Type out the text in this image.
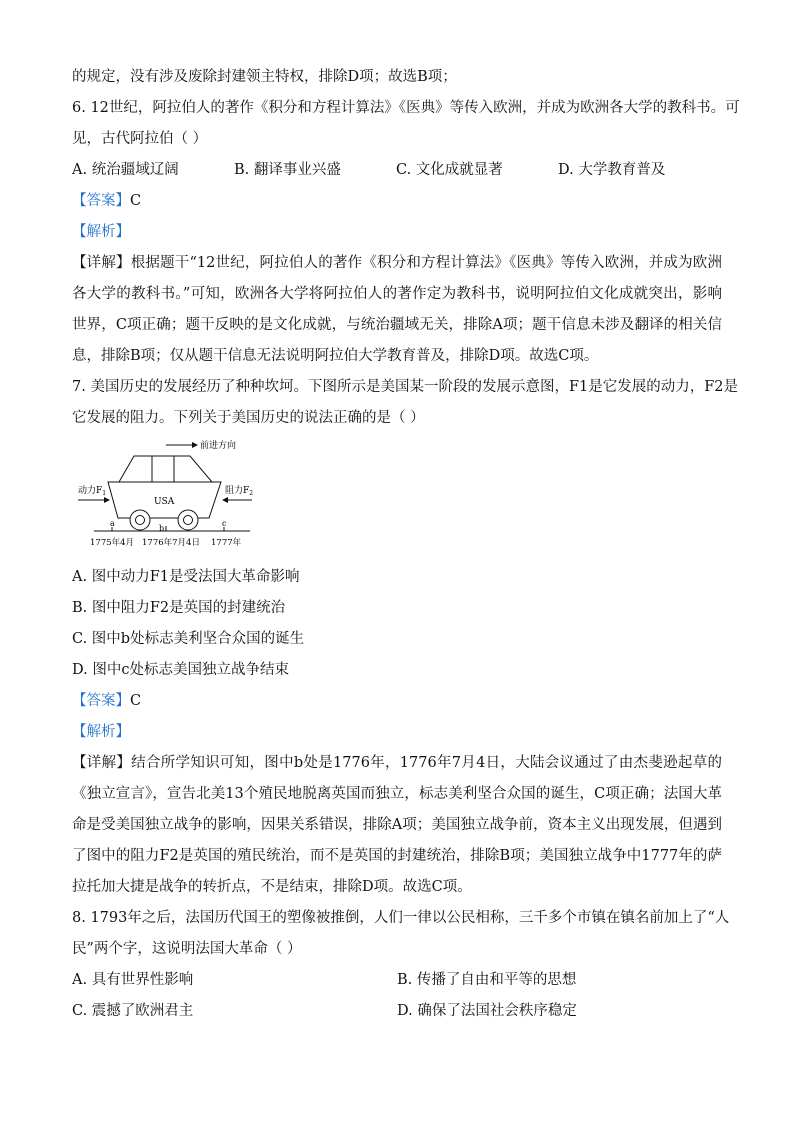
的规定，没有涉及废除封建领主特权，排除D项；故选B项；
6. 12世纪，阿拉伯人的著作《积分和方程计算法》《医典》等传入欧洲，并成为欧洲各大学的教科书。可
见，古代阿拉伯（ ）
A. 统治疆域辽阔	B. 翻译事业兴盛	C. 文化成就显著	D. 大学教育普及
【答案】C
【解析】
【详解】根据题干“12世纪，阿拉伯人的著作《积分和方程计算法》《医典》等传入欧洲，并成为欧洲各大学的教科书。”可知，欧洲各大学将阿拉伯人的著作定为教科书，说明阿拉伯文化成就突出，影响世界，C项正确；题干反映的是文化成就，与统治疆域无关，排除A项；题干信息未涉及翻译的相关信息，排除B项；仅从题干信息无法说明阿拉伯大学教育普及，排除D项。故选C项。
7. 美国历史的发展经历了种种坎坷。下图所示是美国某一阶段的发展示意图，F1是它发展的动力，F2是
它发展的阻力。下列关于美国历史的说法正确的是（ ）
前进方向
USA
动力$F_1$	阻力$F_2$
a
b
c
1775年4月 1776年7月4日 1777年
A. 图中动力F1是受法国大革命影响
B. 图中阻力F2是英国的封建统治
C. 图中b处标志美利坚合众国的诞生
D. 图中c处标志美国独立战争结束
【答案】C
【解析】
【详解】结合所学知识可知，图中b处是1776年，1776年7月4日，大陆会议通过了由杰斐逊起草的《独立宣言》，宣告北美13个殖民地脱离英国而独立，标志美利坚合众国的诞生，C项正确；法国大革命是受美国独立战争的影响，因果关系错误，排除A项；美国独立战争前，资本主义出现发展，但遇到了图中的阻力F2是英国的殖民统治，而不是英国的封建统治，排除B项；美国独立战争中1777年的萨拉托加大捷是战争的转折点，不是结束，排除D项。故选C项。
8. 1793年之后，法国历代国王的塑像被推倒，人们一律以公民相称，三千多个市镇在镇名前加上了“人
民”两个字，这说明法国大革命（ ）
A. 具有世界性影响	B. 传播了自由和平等的思想
C. 震撼了欧洲君主	D. 确保了法国社会秩序稳定
